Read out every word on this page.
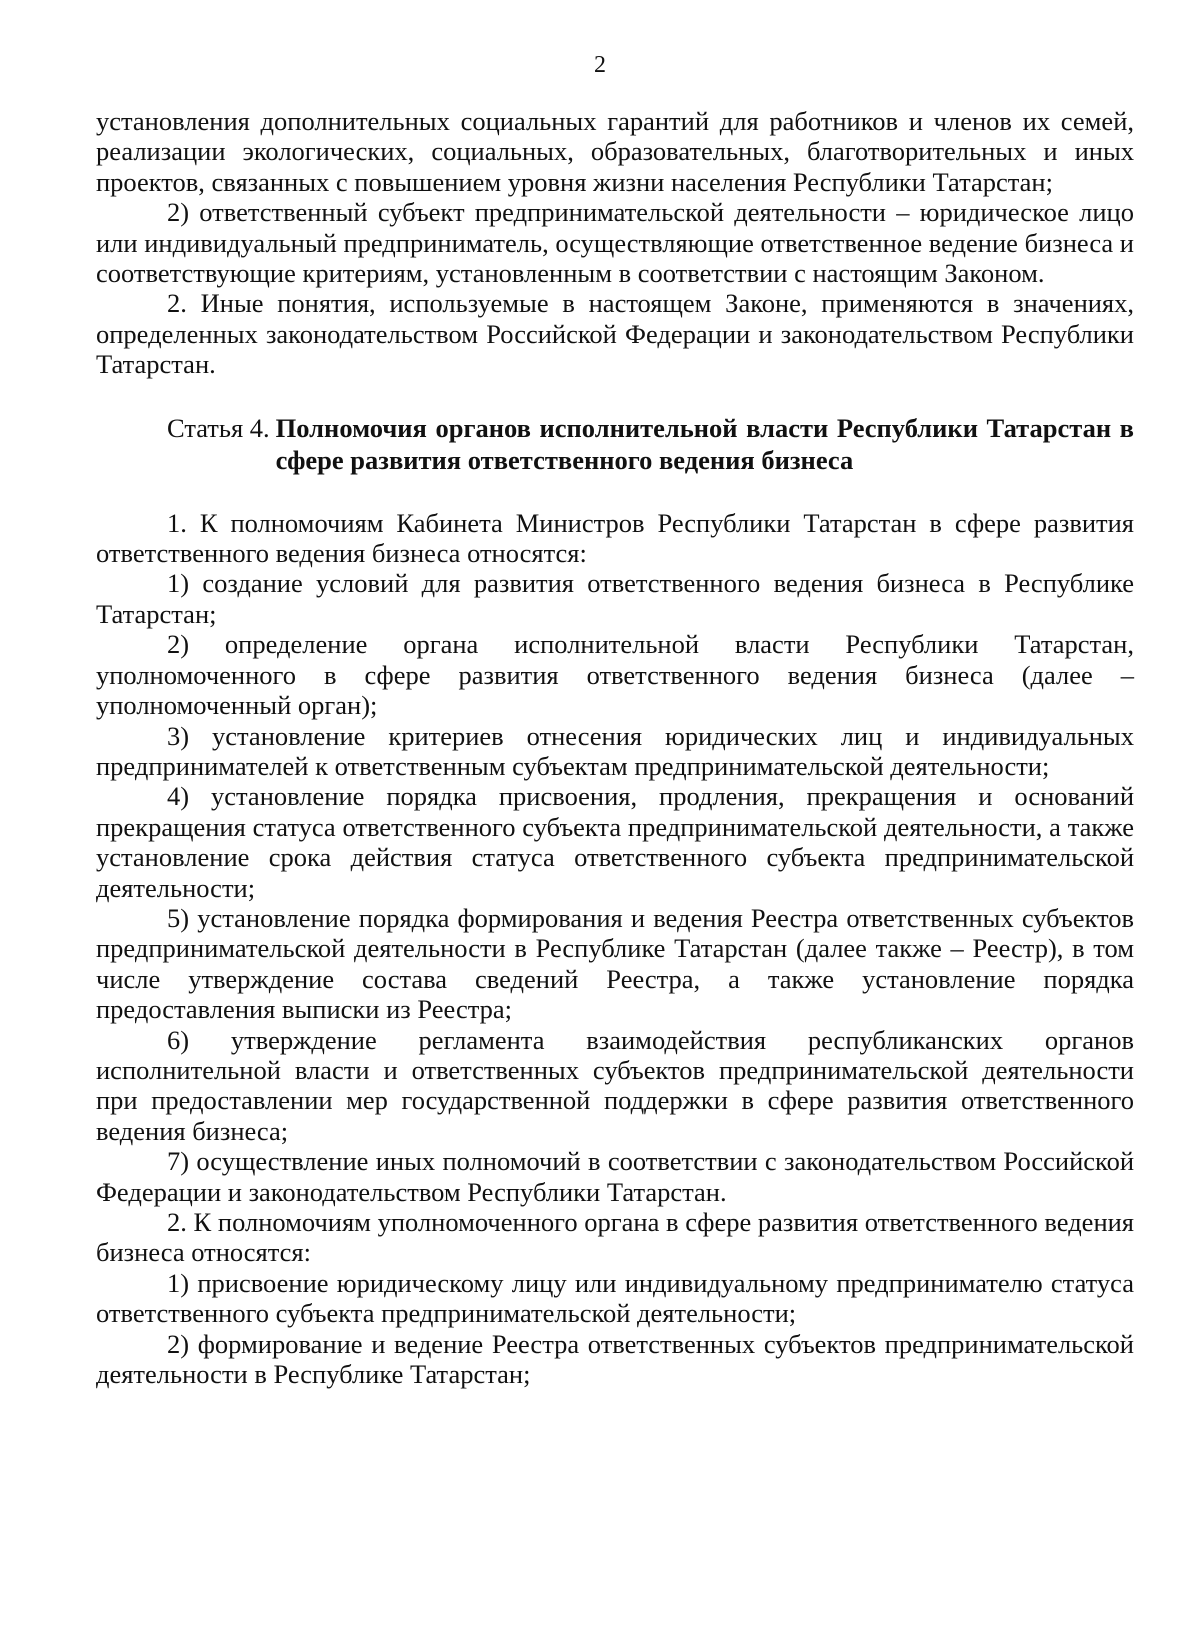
2

установления дополнительных социальных гарантий для работников и членов их семей, реализации экологических, социальных, образовательных, благотворительных и иных проектов, связанных с повышением уровня жизни населения Республики Татарстан;

2) ответственный субъект предпринимательской деятельности – юридическое лицо или индивидуальный предприниматель, осуществляющие ответственное ведение бизнеса и соответствующие критериям, установленным в соответствии с настоящим Законом.

2. Иные понятия, используемые в настоящем Законе, применяются в значениях, определенных законодательством Российской Федерации и законодательством Республики Татарстан.

Статья 4. Полномочия органов исполнительной власти Республики Татарстан в сфере развития ответственного ведения бизнеса

1. К полномочиям Кабинета Министров Республики Татарстан в сфере развития ответственного ведения бизнеса относятся:

1) создание условий для развития ответственного ведения бизнеса в Республике Татарстан;

2) определение органа исполнительной власти Республики Татарстан, уполномоченного в сфере развития ответственного ведения бизнеса (далее – уполномоченный орган);

3) установление критериев отнесения юридических лиц и индивидуальных предпринимателей к ответственным субъектам предпринимательской деятельности;

4) установление порядка присвоения, продления, прекращения и оснований прекращения статуса ответственного субъекта предпринимательской деятельности, а также установление срока действия статуса ответственного субъекта предпринимательской деятельности;

5) установление порядка формирования и ведения Реестра ответственных субъектов предпринимательской деятельности в Республике Татарстан (далее также – Реестр), в том числе утверждение состава сведений Реестра, а также установление порядка предоставления выписки из Реестра;

6) утверждение регламента взаимодействия республиканских органов исполнительной власти и ответственных субъектов предпринимательской деятельности при предоставлении мер государственной поддержки в сфере развития ответственного ведения бизнеса;

7) осуществление иных полномочий в соответствии с законодательством Российской Федерации и законодательством Республики Татарстан.

2. К полномочиям уполномоченного органа в сфере развития ответственного ведения бизнеса относятся:

1) присвоение юридическому лицу или индивидуальному предпринимателю статуса ответственного субъекта предпринимательской деятельности;

2) формирование и ведение Реестра ответственных субъектов предпринимательской деятельности в Республике Татарстан;
